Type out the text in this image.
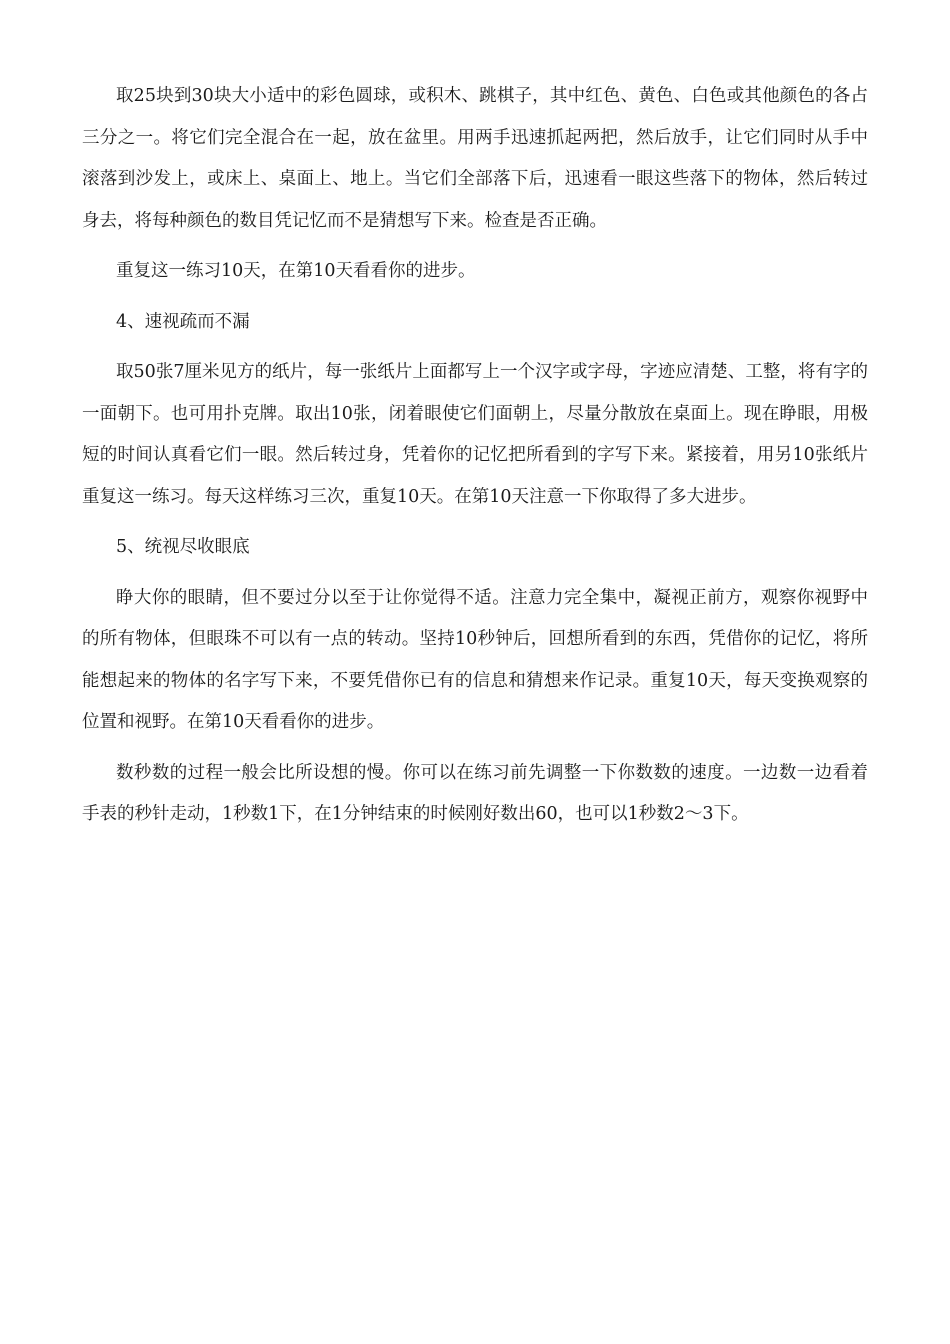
取25块到30块大小适中的彩色圆球，或积木、跳棋子，其中红色、黄色、白色或其他颜色的各占三分之一。将它们完全混合在一起，放在盆里。用两手迅速抓起两把，然后放手，让它们同时从手中滚落到沙发上，或床上、桌面上、地上。当它们全部落下后，迅速看一眼这些落下的物体，然后转过身去，将每种颜色的数目凭记忆而不是猜想写下来。检查是否正确。

重复这一练习10天，在第10天看看你的进步。

4、速视疏而不漏

取50张7厘米见方的纸片，每一张纸片上面都写上一个汉字或字母，字迹应清楚、工整，将有字的一面朝下。也可用扑克牌。取出10张，闭着眼使它们面朝上，尽量分散放在桌面上。现在睁眼，用极短的时间认真看它们一眼。然后转过身，凭着你的记忆把所看到的字写下来。紧接着，用另10张纸片重复这一练习。每天这样练习三次，重复10天。在第10天注意一下你取得了多大进步。

5、统视尽收眼底

睁大你的眼睛，但不要过分以至于让你觉得不适。注意力完全集中，凝视正前方，观察你视野中的所有物体，但眼珠不可以有一点的转动。坚持10秒钟后，回想所看到的东西，凭借你的记忆，将所能想起来的物体的名字写下来，不要凭借你已有的信息和猜想来作记录。重复10天，每天变换观察的位置和视野。在第10天看看你的进步。

数秒数的过程一般会比所设想的慢。你可以在练习前先调整一下你数数的速度。一边数一边看着手表的秒针走动，1秒数1下，在1分钟结束的时候刚好数出60，也可以1秒数2～3下。
